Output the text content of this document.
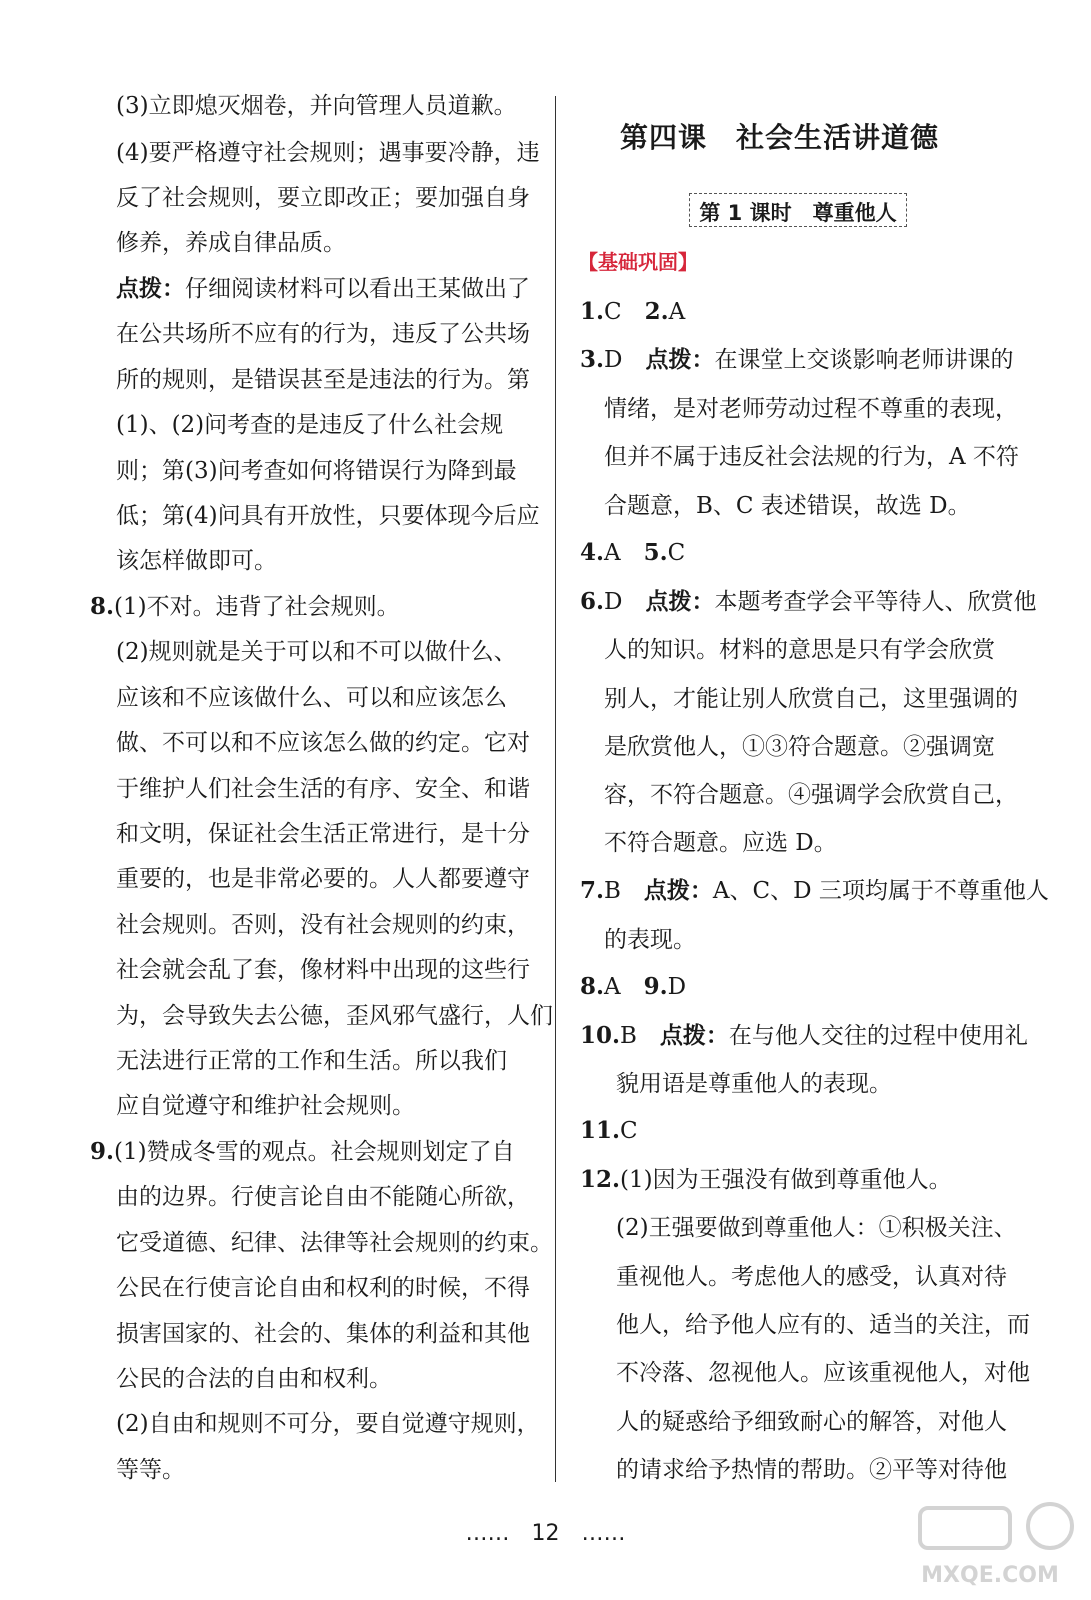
(3)立即熄灭烟卷，并向管理人员道歉。
(4)要严格遵守社会规则；遇事要冷静，违
反了社会规则，要立即改正；要加强自身
修养，养成自律品质。
点拨：仔细阅读材料可以看出王某做出了
在公共场所不应有的行为，违反了公共场
所的规则，是错误甚至是违法的行为。第
(1)、(2)问考查的是违反了什么社会规
则；第(3)问考查如何将错误行为降到最
低；第(4)问具有开放性，只要体现今后应
该怎样做即可。
8.(1)不对。违背了社会规则。
(2)规则就是关于可以和不可以做什么、
应该和不应该做什么、可以和应该怎么
做、不可以和不应该怎么做的约定。它对
于维护人们社会生活的有序、安全、和谐
和文明，保证社会生活正常进行，是十分
重要的，也是非常必要的。人人都要遵守
社会规则。否则，没有社会规则的约束，
社会就会乱了套，像材料中出现的这些行
为，会导致失去公德，歪风邪气盛行，人们
无法进行正常的工作和生活。所以我们
应自觉遵守和维护社会规则。
9.(1)赞成冬雪的观点。社会规则划定了自
由的边界。行使言论自由不能随心所欲，
它受道德、纪律、法律等社会规则的约束。
公民在行使言论自由和权利的时候，不得
损害国家的、社会的、集体的利益和其他
公民的合法的自由和权利。
(2)自由和规则不可分，要自觉遵守规则，
等等。
1.C　2.A
3.D　点拨：在课堂上交谈影响老师讲课的
情绪，是对老师劳动过程不尊重的表现，
但并不属于违反社会法规的行为，A 不符
合题意，B、C 表述错误，故选 D。
4.A　5.C
6.D　点拨：本题考查学会平等待人、欣赏他
人的知识。材料的意思是只有学会欣赏
别人，才能让别人欣赏自己，这里强调的
是欣赏他人，①③符合题意。②强调宽
容，不符合题意。④强调学会欣赏自己，
不符合题意。应选 D。
7.B　点拨：A、C、D 三项均属于不尊重他人
的表现。
8.A　9.D
10.B　点拨：在与他人交往的过程中使用礼
貌用语是尊重他人的表现。
11.C
12.(1)因为王强没有做到尊重他人。
(2)王强要做到尊重他人：①积极关注、
重视他人。考虑他人的感受，认真对待
他人，给予他人应有的、适当的关注，而
不冷落、忽视他人。应该重视他人，对他
人的疑惑给予细致耐心的解答，对他人
的请求给予热情的帮助。②平等对待他
第四课　社会生活讲道德
第 1 课时　尊重他人
【基础巩固】
……　12　……
MXQE.COM
